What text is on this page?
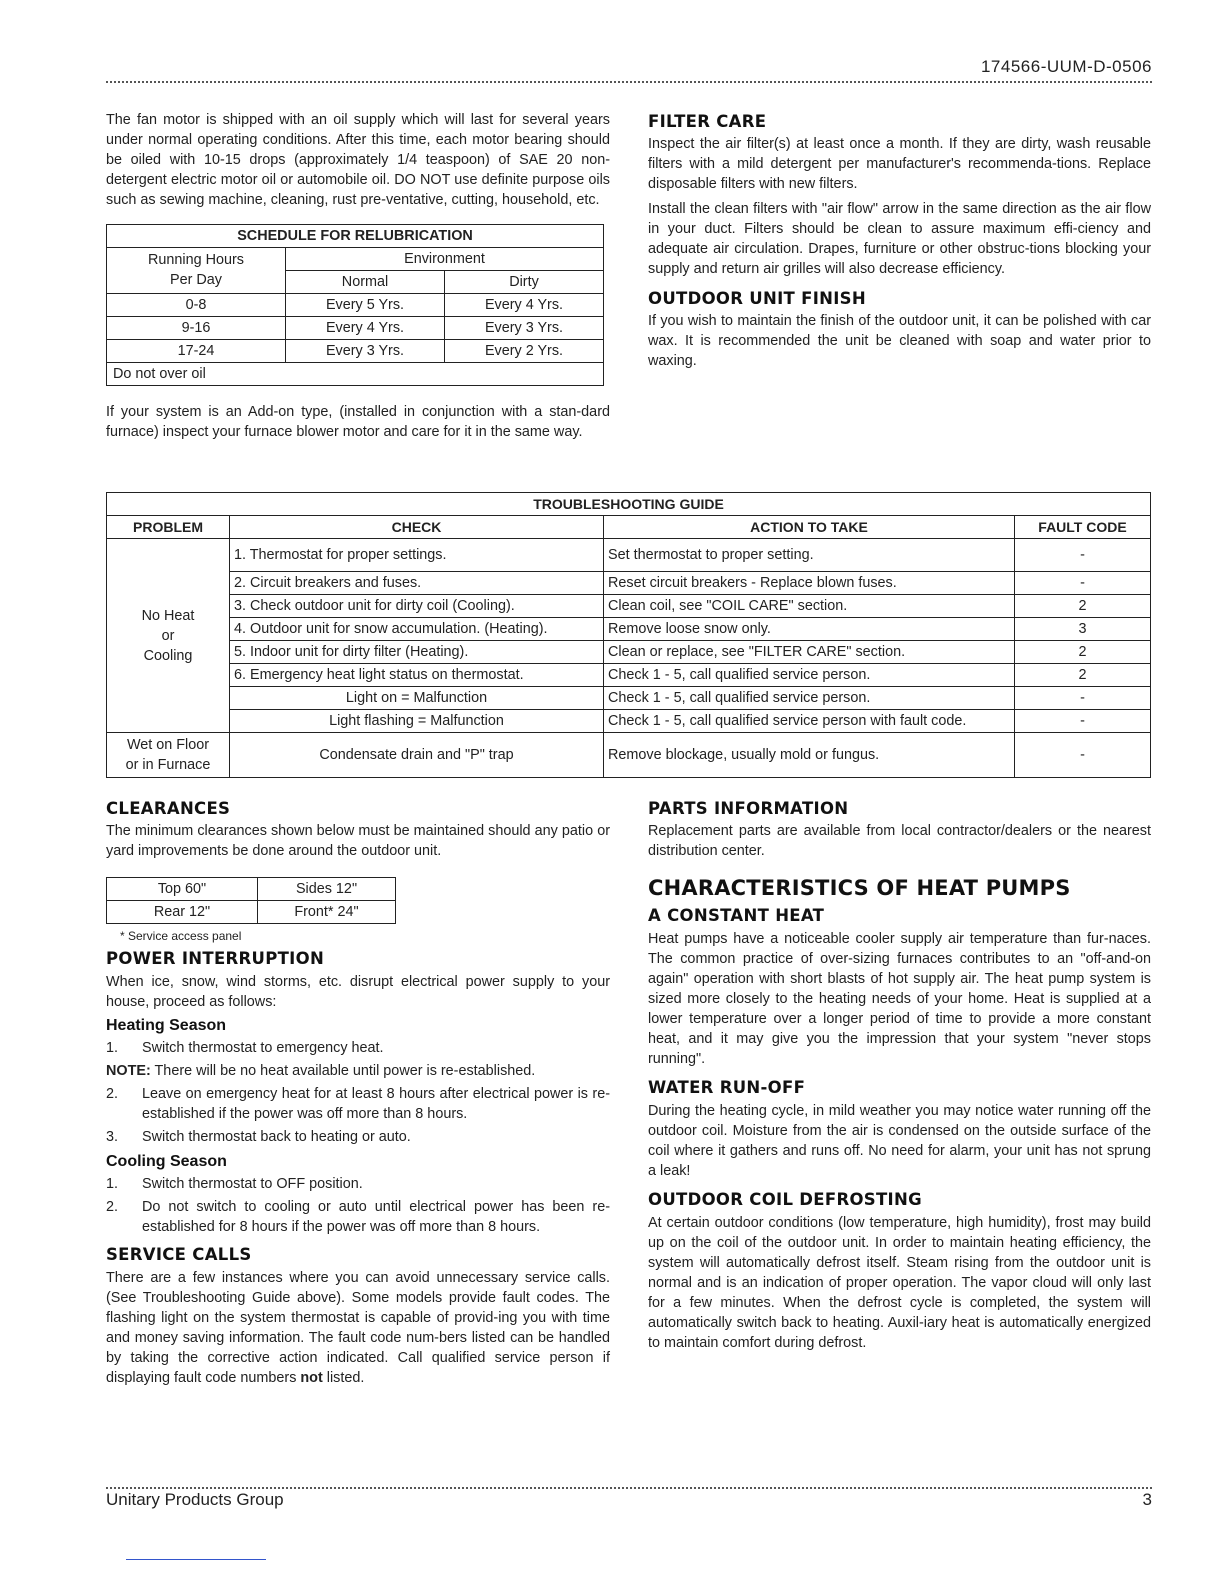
174566-UUM-D-0506

The fan motor is shipped with an oil supply which will last for several years under normal operating conditions. After this time, each motor bearing should be oiled with 10-15 drops (approximately 1/4 teaspoon) of SAE 20 non-detergent electric motor oil or automobile oil. DO NOT use definite purpose oils such as sewing machine, cleaning, rust pre-ventative, cutting, household, etc.

SCHEDULE FOR RELUBRICATION		

Running Hours
Per Day	Environment	
	Normal	Dirty
0-8	Every 5 Yrs.	Every 4 Yrs.
9-16	Every 4 Yrs.	Every 3 Yrs.
17-24	Every 3 Yrs.	Every 2 Yrs.
Do not over oil		

If your system is an Add-on type, (installed in conjunction with a stan-dard furnace) inspect your furnace blower motor and care for it in the same way.

FILTER CARE

Inspect the air filter(s) at least once a month. If they are dirty, wash reusable filters with a mild detergent per manufacturer's recommenda-tions. Replace disposable filters with new filters.

Install the clean filters with "air flow" arrow in the same direction as the air flow in your duct. Filters should be clean to assure maximum effi-ciency and adequate air circulation. Drapes, furniture or other obstruc-tions blocking your supply and return air grilles will also decrease efficiency.

OUTDOOR UNIT FINISH

If you wish to maintain the finish of the outdoor unit, it can be polished with car wax. It is recommended the unit be cleaned with soap and water prior to waxing.

TROUBLESHOOTING GUIDE			
PROBLEM	CHECK	ACTION TO TAKE	FAULT CODE

No Heat
or
Cooling	1. Thermostat for proper settings.	Set thermostat to proper setting.	-
	2. Circuit breakers and fuses.	Reset circuit breakers - Replace blown fuses.	-
	3. Check outdoor unit for dirty coil (Cooling).	Clean coil, see "COIL CARE" section.	2
	4. Outdoor unit for snow accumulation. (Heating).	Remove loose snow only.	3
	5. Indoor unit for dirty filter (Heating).	Clean or replace, see "FILTER CARE" section.	2
	6. Emergency heat light status on thermostat.	Check 1 - 5, call qualified service person.	2
	Light on = Malfunction	Check 1 - 5, call qualified service person.	-
	Light flashing = Malfunction	Check 1 - 5, call qualified service person with fault code.	-

Wet on Floor
or in Furnace	Condensate drain and "P" trap	Remove blockage, usually mold or fungus.	-
CLEARANCES

The minimum clearances shown below must be maintained should any patio or yard improvements be done around the outdoor unit.

Top 60"	Sides 12"
Rear 12"	Front* 24"
* Service access panel
POWER INTERRUPTION

When ice, snow, wind storms, etc. disrupt electrical power supply to your house, proceed as follows:

Heating Season
1. Switch thermostat to emergency heat.

NOTE: There will be no heat available until power is re-established.

2. Leave on emergency heat for at least 8 hours after electrical power is re-established if the power was off more than 8 hours.
3. Switch thermostat back to heating or auto.
Cooling Season
1. Switch thermostat to OFF position.
2. Do not switch to cooling or auto until electrical power has been re-established for 8 hours if the power was off more than 8 hours.
SERVICE CALLS

There are a few instances where you can avoid unnecessary service calls. (See Troubleshooting Guide above). Some models provide fault codes. The flashing light on the system thermostat is capable of provid-ing you with time and money saving information. The fault code num-bers listed can be handled by taking the corrective action indicated. Call qualified service person if displaying fault code numbers not listed.

PARTS INFORMATION

Replacement parts are available from local contractor/dealers or the nearest distribution center.

CHARACTERISTICS OF HEAT PUMPS
A CONSTANT HEAT

Heat pumps have a noticeable cooler supply air temperature than fur-naces. The common practice of over-sizing furnaces contributes to an "off-and-on again" operation with short blasts of hot supply air. The heat pump system is sized more closely to the heating needs of your home. Heat is supplied at a lower temperature over a longer period of time to provide a more constant heat, and it may give you the impression that your system "never stops running".

WATER RUN-OFF

During the heating cycle, in mild weather you may notice water running off the outdoor coil. Moisture from the air is condensed on the outside surface of the coil where it gathers and runs off. No need for alarm, your unit has not sprung a leak!

OUTDOOR COIL DEFROSTING

At certain outdoor conditions (low temperature, high humidity), frost may build up on the coil of the outdoor unit. In order to maintain heating efficiency, the system will automatically defrost itself. Steam rising from the outdoor unit is normal and is an indication of proper operation. The vapor cloud will only last for a few minutes. When the defrost cycle is completed, the system will automatically switch back to heating. Auxil-iary heat is automatically energized to maintain comfort during defrost.

Unitary Products Group	3
